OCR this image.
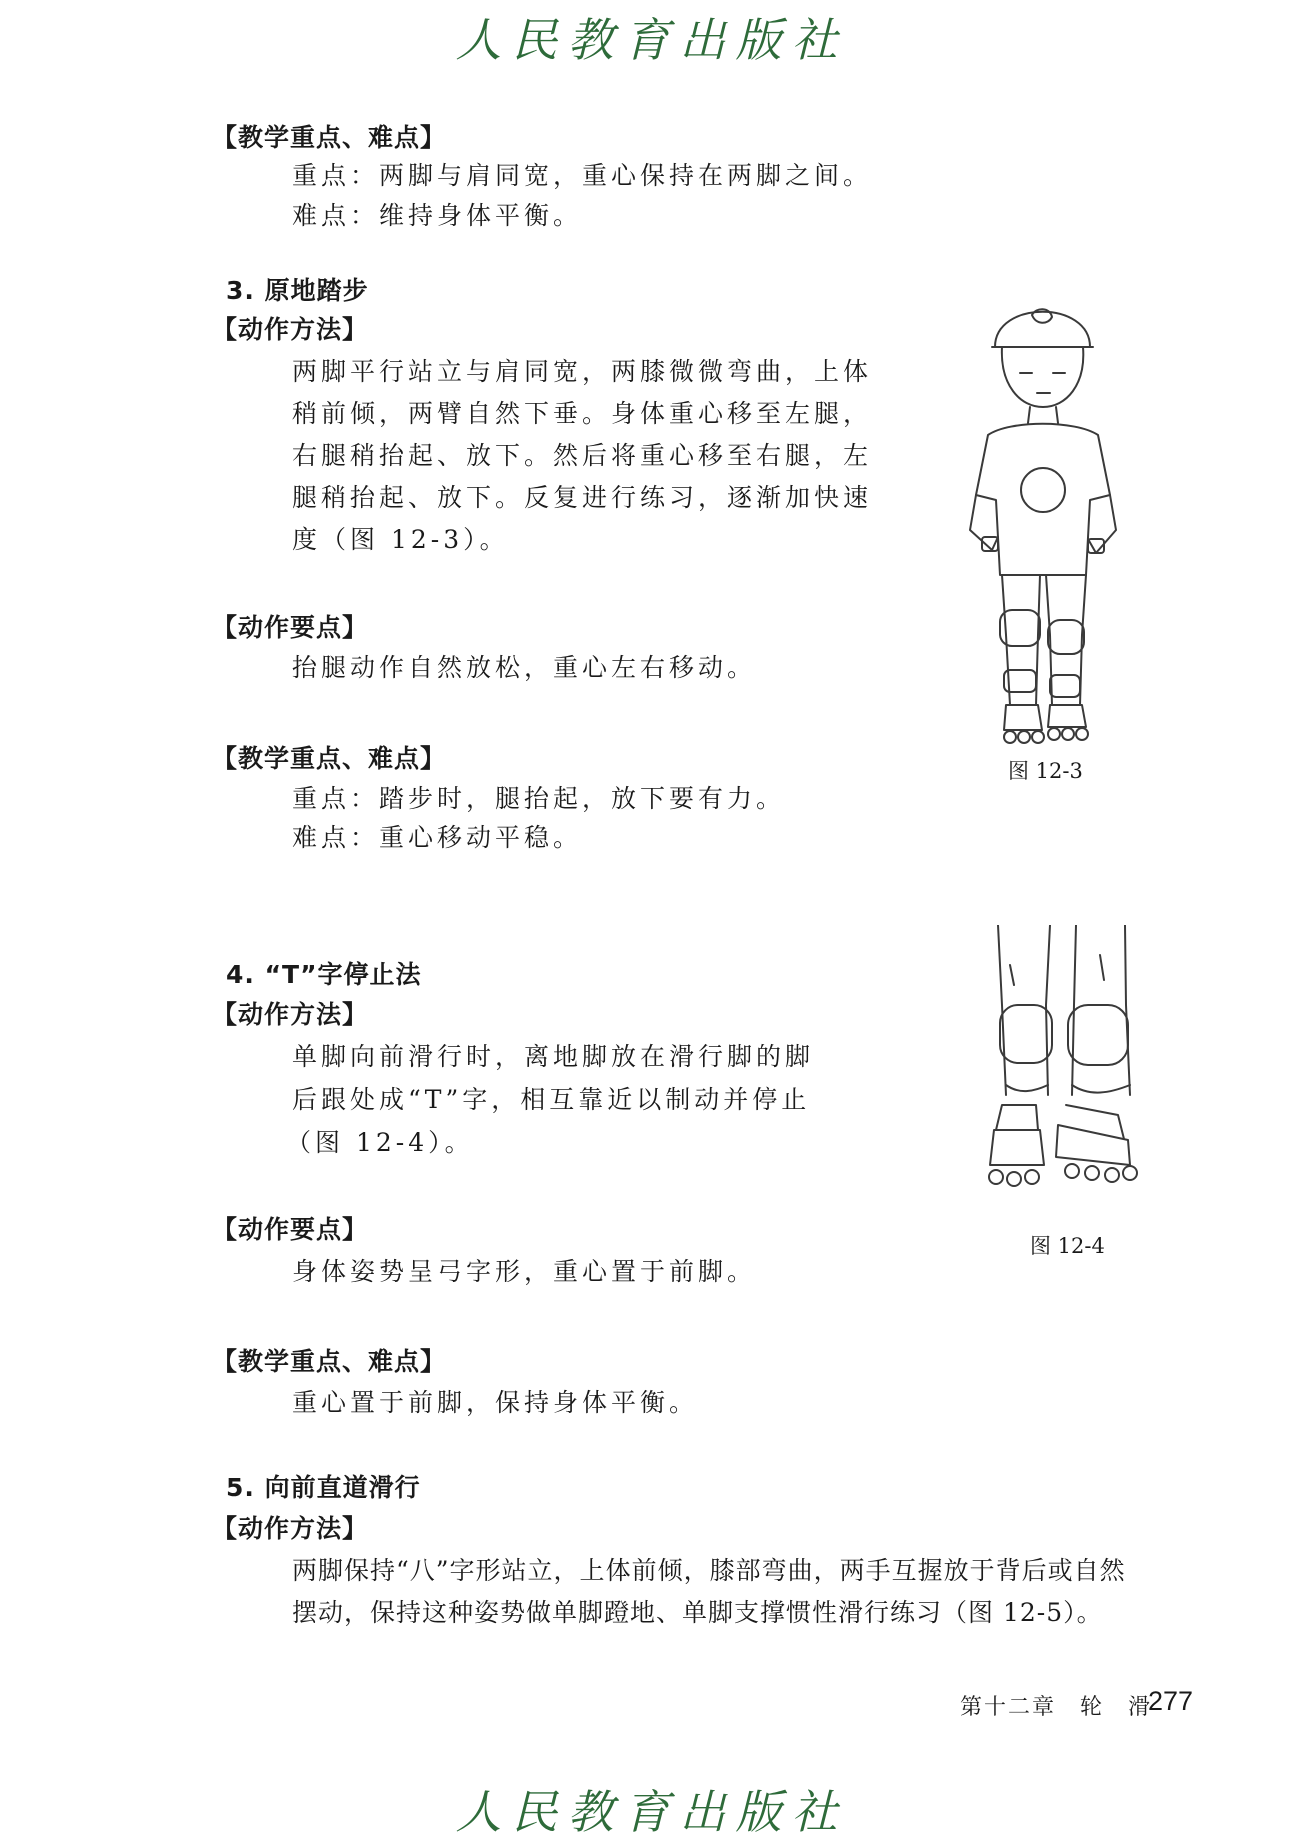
人民教育出版社
【教学重点、难点】
重点：两脚与肩同宽，重心保持在两脚之间。
难点：维持身体平衡。
3. 原地踏步
【动作方法】
两脚平行站立与肩同宽，两膝微微弯曲，上体
稍前倾，两臂自然下垂。身体重心移至左腿，
右腿稍抬起、放下。然后将重心移至右腿，左
腿稍抬起、放下。反复进行练习，逐渐加快速
度（图 12-3）。
【动作要点】
抬腿动作自然放松，重心左右移动。
【教学重点、难点】
重点：踏步时，腿抬起，放下要有力。
难点：重心移动平稳。
图 12-3
4. “T”字停止法
【动作方法】
单脚向前滑行时，离地脚放在滑行脚的脚
后跟处成“T”字，相互靠近以制动并停止
（图 12-4）。
【动作要点】
身体姿势呈弓字形，重心置于前脚。
图 12-4
【教学重点、难点】
重心置于前脚，保持身体平衡。
5. 向前直道滑行
【动作方法】
两脚保持“八”字形站立，上体前倾，膝部弯曲，两手互握放于背后或自然
摆动，保持这种姿势做单脚蹬地、单脚支撑惯性滑行练习（图 12-5）。
第十二章　轮　滑
277
人民教育出版社
